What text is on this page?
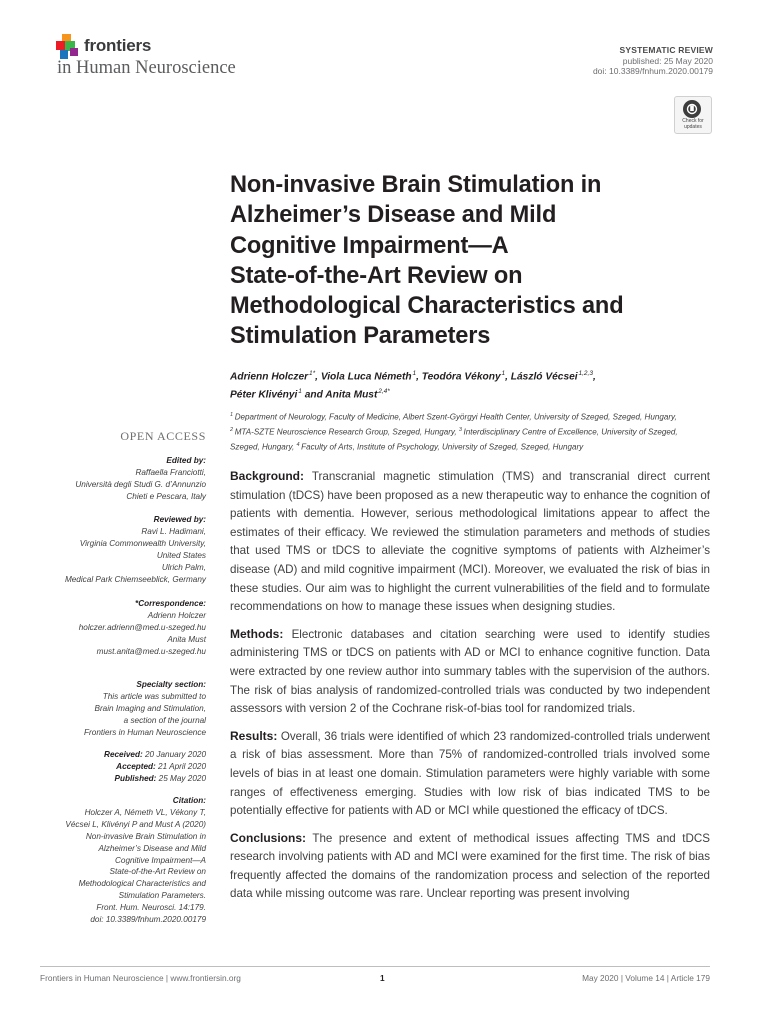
frontiers
in Human Neuroscience
SYSTEMATIC REVIEW
published: 25 May 2020
doi: 10.3389/fnhum.2020.00179
Check for
updates
Non-invasive Brain Stimulation in
Alzheimer’s Disease and Mild
Cognitive Impairment—A
State-of-the-Art Review on
Methodological Characteristics and
Stimulation Parameters
Adrienn Holczer $^{1*}$, Viola Luca Németh $^1$, Teodóra Vékony $^1$, László Vécsei $^{1,2,3}$,
Péter Klivényi $^1$ and Anita Must $^{2,4*}$
$^1$  Department of Neurology, Faculty of Medicine, Albert Szent-Györgyi Health Center, University of Szeged, Szeged, Hungary,
$^2$  MTA-SZTE Neuroscience Research Group, Szeged, Hungary, $^3$  Interdisciplinary Centre of Excellence, University of Szeged,
Szeged, Hungary, $^4$  Faculty of Arts, Institute of Psychology, University of Szeged, Szeged, Hungary
OPEN ACCESS
Edited by:
Raffaella Franciotti,
Università degli Studi G. d’Annunzio
Chieti e Pescara, Italy
Reviewed by:
Ravi L. Hadimani,
Virginia Commonwealth University,
United States
Ulrich Palm,
Medical Park Chiemseeblick, Germany
*Correspondence:
Adrienn Holczer
holczer.adrienn@med.u-szeged.hu
Anita Must
must.anita@med.u-szeged.hu
Specialty section:
This article was submitted to
Brain Imaging and Stimulation,
a section of the journal
Frontiers in Human Neuroscience
Received: 20 January 2020
Accepted: 21 April 2020
Published: 25 May 2020
Citation:
Holczer A, Németh VL, Vékony T,
Vécsei L, Klivényi P and Must A (2020)
Non-invasive Brain Stimulation in
Alzheimer’s Disease and Mild
Cognitive Impairment—A
State-of-the-Art Review on
Methodological Characteristics and
Stimulation Parameters.
Front. Hum. Neurosci. 14:179.
doi: 10.3389/fnhum.2020.00179

Background: Transcranial magnetic stimulation (TMS) and transcranial direct current stimulation (tDCS) have been proposed as a new therapeutic way to enhance the cognition of patients with dementia. However, serious methodological limitations appear to affect the estimates of their efficacy. We reviewed the stimulation parameters and methods of studies that used TMS or tDCS to alleviate the cognitive symptoms of patients with Alzheimer’s disease (AD) and mild cognitive impairment (MCI). Moreover, we evaluated the risk of bias in these studies. Our aim was to highlight the current vulnerabilities of the field and to formulate recommendations on how to manage these issues when designing studies.

Methods: Electronic databases and citation searching were used to identify studies administering TMS or tDCS on patients with AD or MCI to enhance cognitive function. Data were extracted by one review author into summary tables with the supervision of the authors. The risk of bias analysis of randomized-controlled trials was conducted by two independent assessors with version 2 of the Cochrane risk-of-bias tool for randomized trials.

Results: Overall, 36 trials were identified of which 23 randomized-controlled trials underwent a risk of bias assessment. More than 75% of randomized-controlled trials involved some levels of bias in at least one domain. Stimulation parameters were highly variable with some ranges of effectiveness emerging. Studies with low risk of bias indicated TMS to be potentially effective for patients with AD or MCI while questioned the efficacy of tDCS.

Conclusions: The presence and extent of methodical issues affecting TMS and tDCS research involving patients with AD and MCI were examined for the first time. The risk of bias frequently affected the domains of the randomization process and selection of the reported data while missing outcome was rare. Unclear reporting was present involving

Frontiers in Human Neuroscience | www.frontiersin.org	1	May 2020 | Volume 14 | Article 179
